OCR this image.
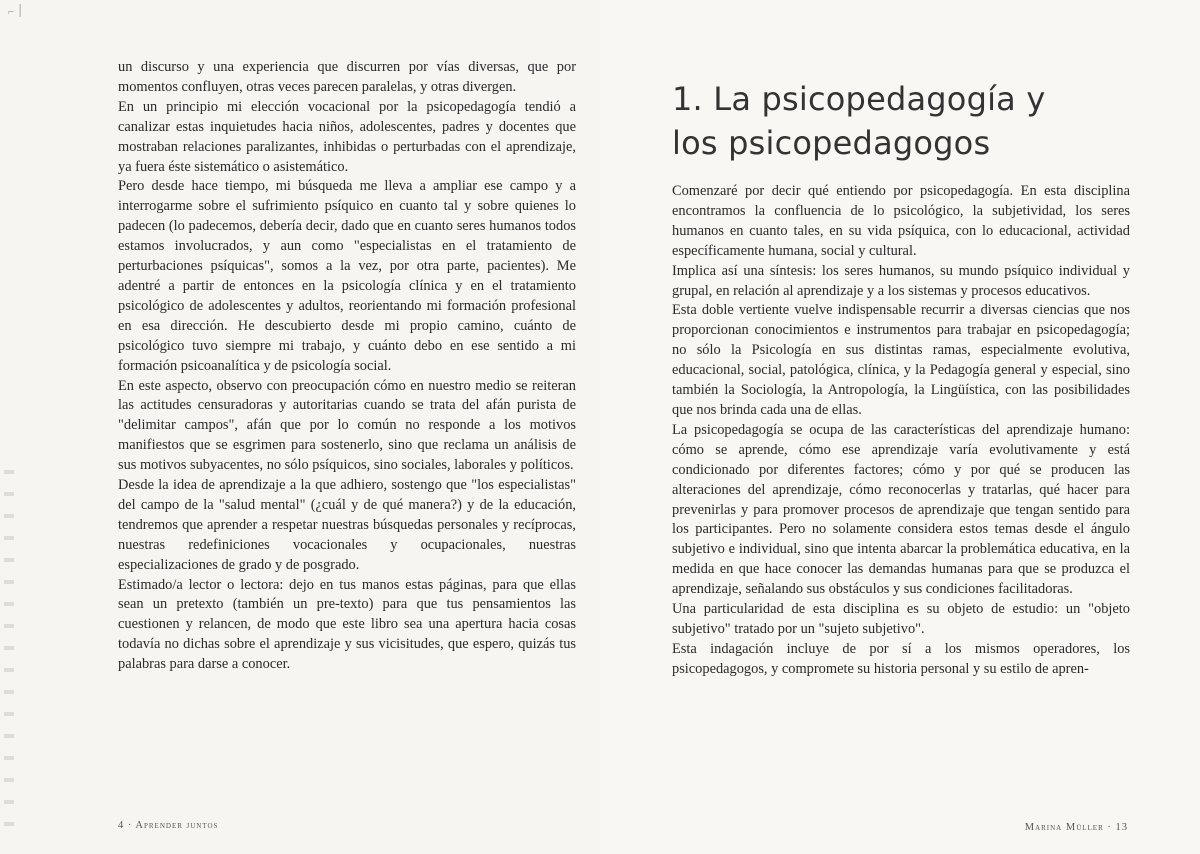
⌐ ׀

un discurso y una experiencia que discurren por vías diversas, que por momentos confluyen, otras veces parecen paralelas, y otras divergen.

En un principio mi elección vocacional por la psicopedagogía tendió a canalizar estas inquietudes hacia niños, adolescentes, padres y docentes que mostraban relaciones paralizantes, inhibidas o perturbadas con el aprendizaje, ya fuera éste sistemático o asistemático.

Pero desde hace tiempo, mi búsqueda me lleva a ampliar ese campo y a interrogarme sobre el sufrimiento psíquico en cuanto tal y sobre quienes lo padecen (lo padecemos, debería decir, dado que en cuanto seres humanos todos estamos involucrados, y aun como "especialistas en el tratamiento de perturbaciones psíquicas", somos a la vez, por otra parte, pacientes). Me adentré a partir de entonces en la psicología clínica y en el tratamiento psicológico de adolescentes y adultos, reorientando mi formación profesional en esa dirección. He descubierto desde mi propio camino, cuánto de psicológico tuvo siempre mi trabajo, y cuánto debo en ese sentido a mi formación psicoanalítica y de psicología social.

En este aspecto, observo con preocupación cómo en nuestro medio se reiteran las actitudes censuradoras y autoritarias cuando se trata del afán purista de "delimitar campos", afán que por lo común no responde a los motivos manifiestos que se esgrimen para sostenerlo, sino que reclama un análisis de sus motivos subyacentes, no sólo psíquicos, sino sociales, laborales y políticos.

Desde la idea de aprendizaje a la que adhiero, sostengo que "los especialistas" del campo de la "salud mental" (¿cuál y de qué manera?) y de la educación, tendremos que aprender a respetar nuestras búsquedas personales y recíprocas, nuestras redefiniciones vocacionales y ocupacionales, nuestras especializaciones de grado y de posgrado.

Estimado/a lector o lectora: dejo en tus manos estas páginas, para que ellas sean un pretexto (también un pre-texto) para que tus pensamientos las cuestionen y relancen, de modo que este libro sea una apertura hacia cosas todavía no dichas sobre el aprendizaje y sus vicisitudes, que espero, quizás tus palabras para darse a conocer.

4 · Aprender juntos
1. La psicopedagogía y los psicopedagogos

Comenzaré por decir qué entiendo por psicopedagogía. En esta disciplina encontramos la confluencia de lo psicológico, la subjetividad, los seres humanos en cuanto tales, en su vida psíquica, con lo educacional, actividad específicamente humana, social y cultural.

Implica así una síntesis: los seres humanos, su mundo psíquico individual y grupal, en relación al aprendizaje y a los sistemas y procesos educativos.

Esta doble vertiente vuelve indispensable recurrir a diversas ciencias que nos proporcionan conocimientos e instrumentos para trabajar en psicopedagogía; no sólo la Psicología en sus distintas ramas, especialmente evolutiva, educacional, social, patológica, clínica, y la Pedagogía general y especial, sino también la Sociología, la Antropología, la Lingüística, con las posibilidades que nos brinda cada una de ellas.

La psicopedagogía se ocupa de las características del aprendizaje humano: cómo se aprende, cómo ese aprendizaje varía evolutivamente y está condicionado por diferentes factores; cómo y por qué se producen las alteraciones del aprendizaje, cómo reconocerlas y tratarlas, qué hacer para prevenirlas y para promover procesos de aprendizaje que tengan sentido para los participantes. Pero no solamente considera estos temas desde el ángulo subjetivo e individual, sino que intenta abarcar la problemática educativa, en la medida en que hace conocer las demandas humanas para que se produzca el aprendizaje, señalando sus obstáculos y sus condiciones facilitadoras.

Una particularidad de esta disciplina es su objeto de estudio: un "objeto subjetivo" tratado por un "sujeto subjetivo".

Esta indagación incluye de por sí a los mismos operadores, los psicopedagogos, y compromete su historia personal y su estilo de apren-

Marina Müller · 13
